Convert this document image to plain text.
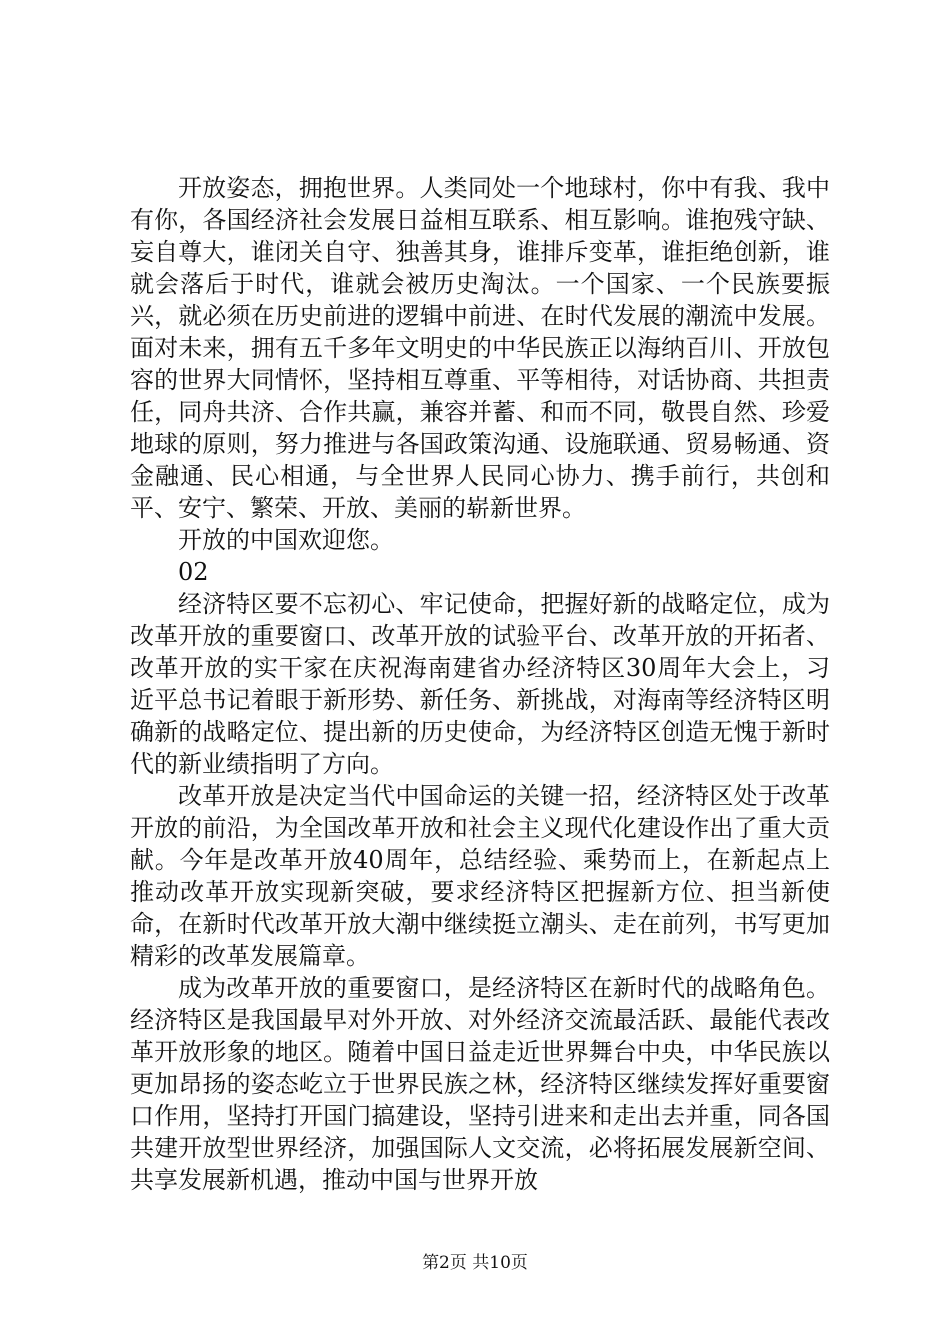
开放姿态，拥抱世界。人类同处一个地球村，你中有我、我中有你，各国经济社会发展日益相互联系、相互影响。谁抱残守缺、妄自尊大，谁闭关自守、独善其身，谁排斥变革，谁拒绝创新，谁就会落后于时代，谁就会被历史淘汰。一个国家、一个民族要振兴，就必须在历史前进的逻辑中前进、在时代发展的潮流中发展。面对未来，拥有五千多年文明史的中华民族正以海纳百川、开放包容的世界大同情怀，坚持相互尊重、平等相待，对话协商、共担责任，同舟共济、合作共赢，兼容并蓄、和而不同，敬畏自然、珍爱地球的原则，努力推进与各国政策沟通、设施联通、贸易畅通、资金融通、民心相通，与全世界人民同心协力、携手前行，共创和平、安宁、繁荣、开放、美丽的崭新世界。

开放的中国欢迎您。

02

经济特区要不忘初心、牢记使命，把握好新的战略定位，成为改革开放的重要窗口、改革开放的试验平台、改革开放的开拓者、改革开放的实干家在庆祝海南建省办经济特区30周年大会上，习近平总书记着眼于新形势、新任务、新挑战，对海南等经济特区明确新的战略定位、提出新的历史使命，为经济特区创造无愧于新时代的新业绩指明了方向。

改革开放是决定当代中国命运的关键一招，经济特区处于改革开放的前沿，为全国改革开放和社会主义现代化建设作出了重大贡献。今年是改革开放40周年，总结经验、乘势而上，在新起点上推动改革开放实现新突破，要求经济特区把握新方位、担当新使命，在新时代改革开放大潮中继续挺立潮头、走在前列，书写更加精彩的改革发展篇章。

成为改革开放的重要窗口，是经济特区在新时代的战略角色。经济特区是我国最早对外开放、对外经济交流最活跃、最能代表改革开放形象的地区。随着中国日益走近世界舞台中央，中华民族以更加昂扬的姿态屹立于世界民族之林，经济特区继续发挥好重要窗口作用，坚持打开国门搞建设，坚持引进来和走出去并重，同各国共建开放型世界经济，加强国际人文交流，必将拓展发展新空间、共享发展新机遇，推动中国与世界开放

第2页 共10页
